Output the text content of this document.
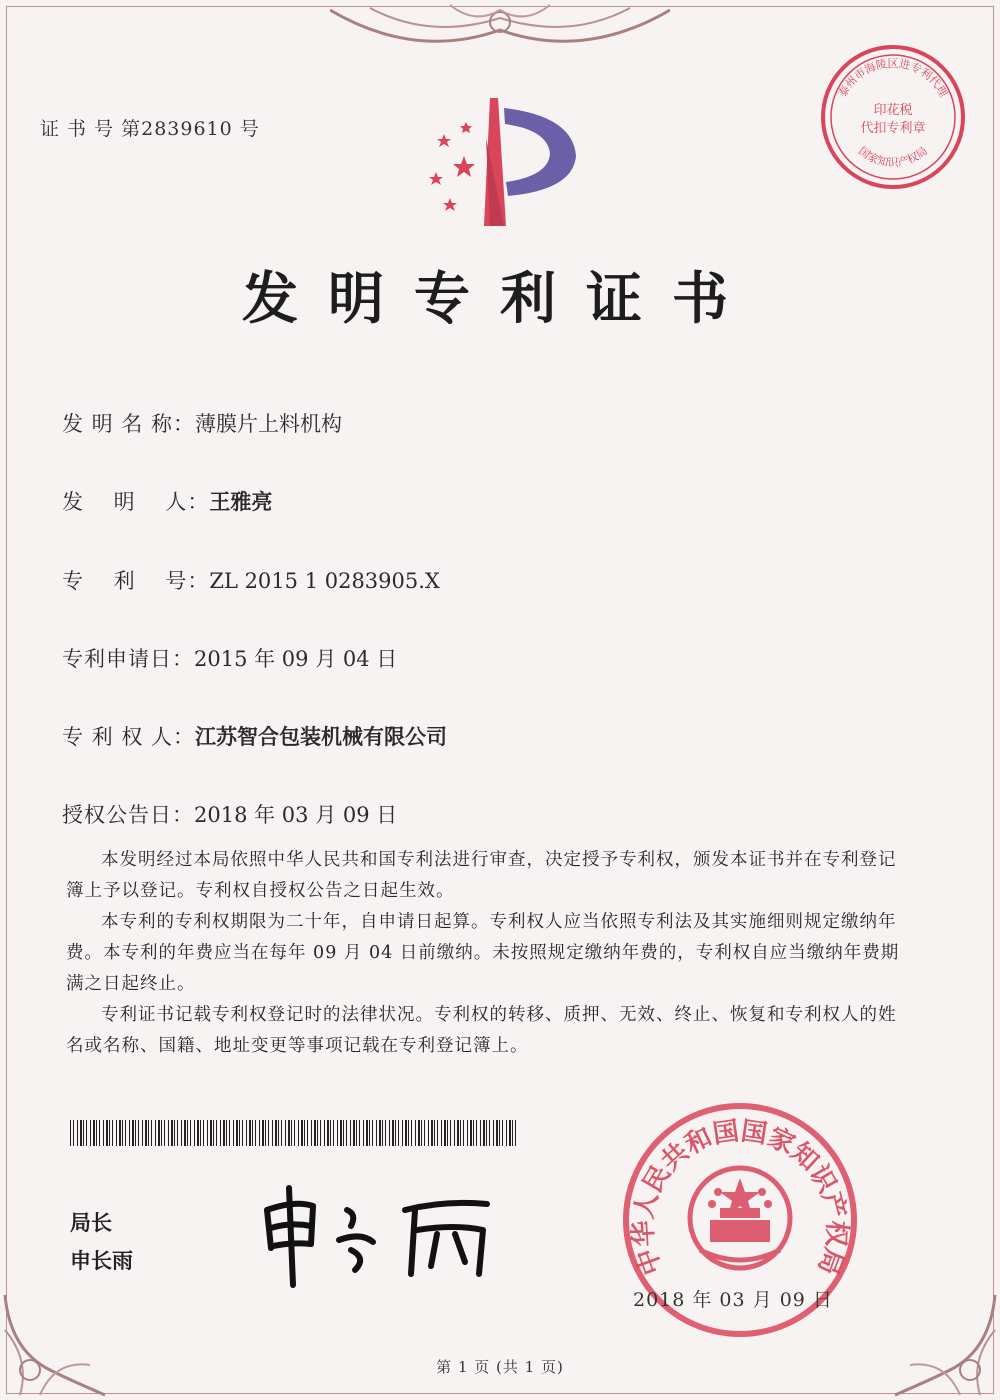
证 书 号 第2839610 号
泰州市海陵区进专利代理
印花税
代扣专利章
国家知识产权局
发明专利证书
发 明 名 称：薄膜片上料机构
发　 明　 人：王雅亮
专　 利　 号：ZL 2015 1 0283905.X
专利申请日：2015 年 09 月 04 日
专 利 权 人：江苏智合包装机械有限公司
授权公告日：2018 年 03 月 09 日

本发明经过本局依照中华人民共和国专利法进行审查，决定授予专利权，颁发本证书并在专利登记簿上予以登记。专利权自授权公告之日起生效。

本专利的专利权期限为二十年，自申请日起算。专利权人应当依照专利法及其实施细则规定缴纳年费。本专利的年费应当在每年 09 月 04 日前缴纳。未按照规定缴纳年费的，专利权自应当缴纳年费期满之日起终止。

专利证书记载专利权登记时的法律状况。专利权的转移、质押、无效、终止、恢复和专利权人的姓名或名称、国籍、地址变更等事项记载在专利登记簿上。

局长
申长雨	中华人民共和国国家知识产权局
2018 年 03 月 09 日
第 1 页 (共 1 页)
